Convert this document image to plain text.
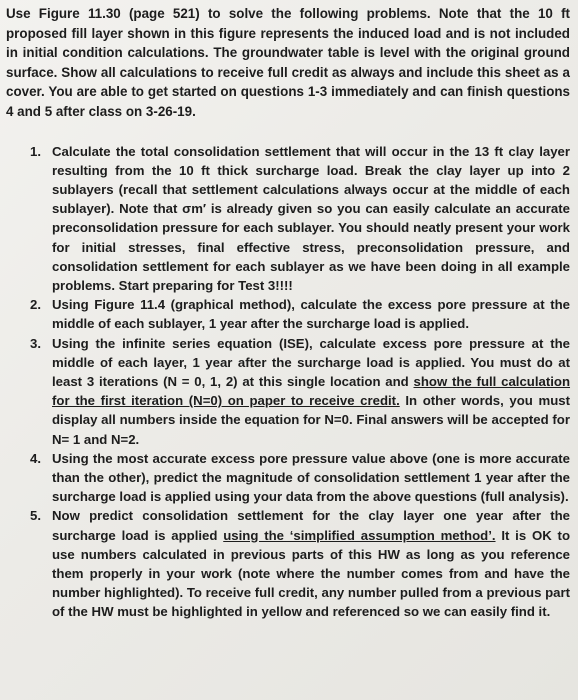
Use Figure 11.30 (page 521) to solve the following problems. Note that the 10 ft proposed fill layer shown in this figure represents the induced load and is not included in initial condition calculations. The groundwater table is level with the original ground surface. Show all calculations to receive full credit as always and include this sheet as a cover. You are able to get started on questions 1-3 immediately and can finish questions 4 and 5 after class on 3-26-19.

1. Calculate the total consolidation settlement that will occur in the 13 ft clay layer resulting from the 10 ft thick surcharge load. Break the clay layer up into 2 sublayers (recall that settlement calculations always occur at the middle of each sublayer). Note that σm′ is already given so you can easily calculate an accurate preconsolidation pressure for each sublayer. You should neatly present your work for initial stresses, final effective stress, preconsolidation pressure, and consolidation settlement for each sublayer as we have been doing in all example problems. Start preparing for Test 3!!!!
2. Using Figure 11.4 (graphical method), calculate the excess pore pressure at the middle of each sublayer, 1 year after the surcharge load is applied.
3. Using the infinite series equation (ISE), calculate excess pore pressure at the middle of each layer, 1 year after the surcharge load is applied. You must do at least 3 iterations (N = 0, 1, 2) at this single location and show the full calculation for the first iteration (N=0) on paper to receive credit. In other words, you must display all numbers inside the equation for N=0. Final answers will be accepted for N= 1 and N=2.
4. Using the most accurate excess pore pressure value above (one is more accurate than the other), predict the magnitude of consolidation settlement 1 year after the surcharge load is applied using your data from the above questions (full analysis).
5. Now predict consolidation settlement for the clay layer one year after the surcharge load is applied using the ‘simplified assumption method’. It is OK to use numbers calculated in previous parts of this HW as long as you reference them properly in your work (note where the number comes from and have the number highlighted). To receive full credit, any number pulled from a previous part of the HW must be highlighted in yellow and referenced so we can easily find it.
